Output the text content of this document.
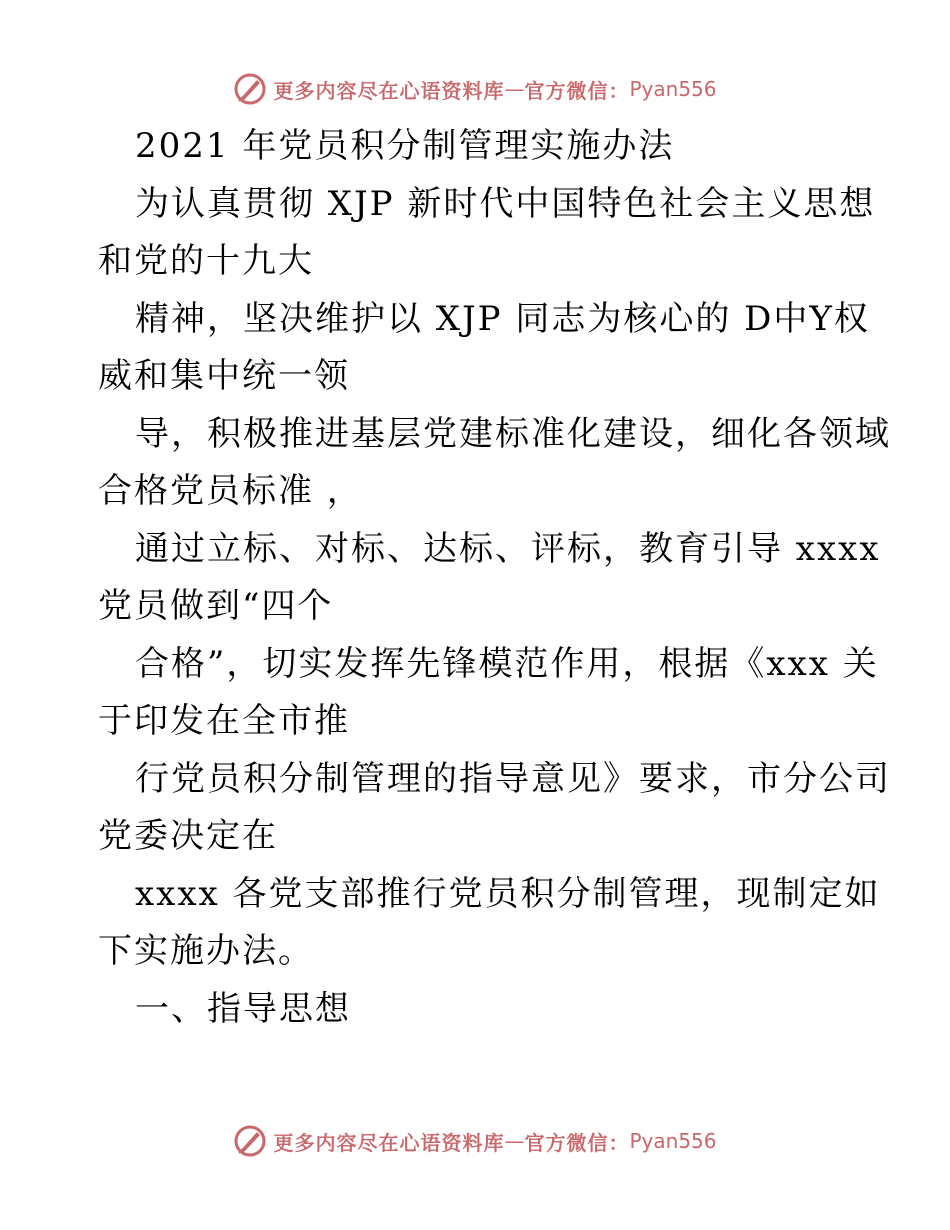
更多内容尽在心语资料库 — 官方微信： Pyan556
2021 年党员积分制管理实施办法
为认真贯彻 XJP 新时代中国特色社会主义思想
和党的十九大
精神，坚决维护以 XJP 同志为核心的 D中Y权
威和集中统一领
导，积极推进基层党建标准化建设，细化各领域
合格党员标准 ，
通过立标、对标、达标、评标，教育引导 xxxx
党员做到“四个
合格”，切实发挥先锋模范作用，根据《xxx 关
于印发在全市推
行党员积分制管理的指导意见》要求，市分公司
党委决定在
xxxx 各党支部推行党员积分制管理，现制定如
下实施办法。
一、指导思想
更多内容尽在心语资料库 — 官方微信： Pyan556
